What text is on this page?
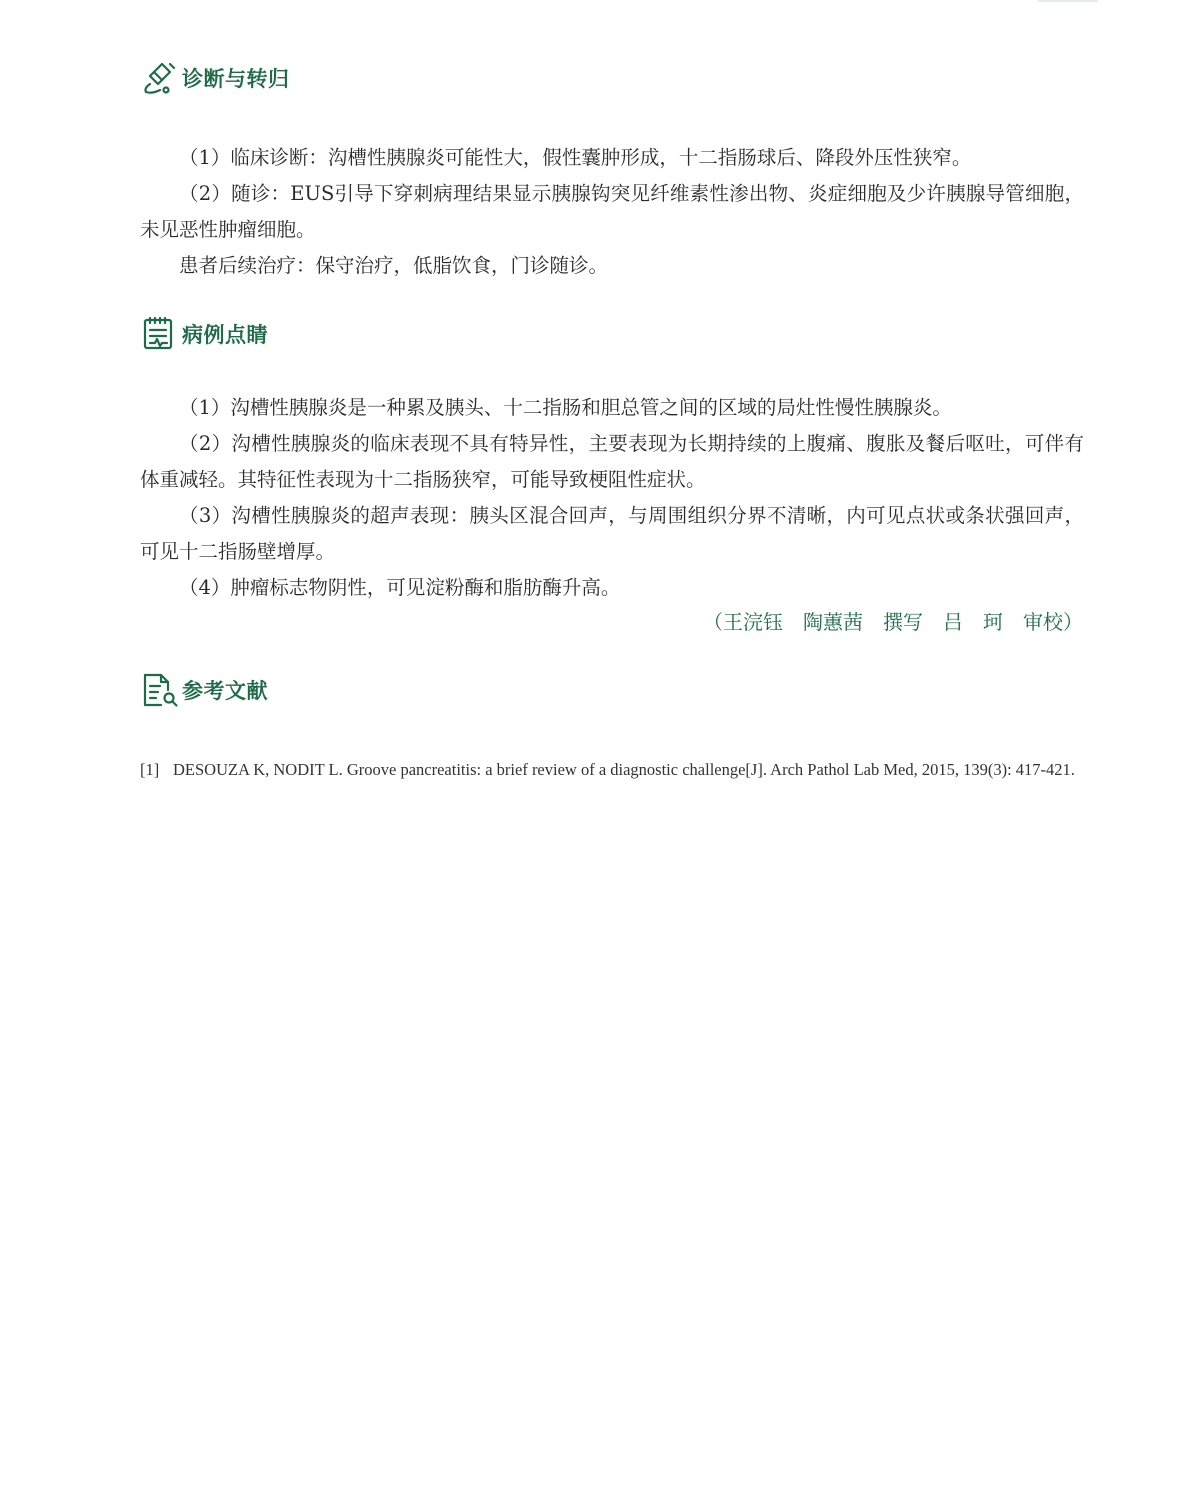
诊断与转归

（1）临床诊断：沟槽性胰腺炎可能性大，假性囊肿形成，十二指肠球后、降段外压性狭窄。

（2）随诊：EUS引导下穿刺病理结果显示胰腺钩突见纤维素性渗出物、炎症细胞及少许胰腺导管细胞，未见恶性肿瘤细胞。

患者后续治疗：保守治疗，低脂饮食，门诊随诊。

病例点睛

（1）沟槽性胰腺炎是一种累及胰头、十二指肠和胆总管之间的区域的局灶性慢性胰腺炎。

（2）沟槽性胰腺炎的临床表现不具有特异性，主要表现为长期持续的上腹痛、腹胀及餐后呕吐，可伴有体重减轻。其特征性表现为十二指肠狭窄，可能导致梗阻性症状。

（3）沟槽性胰腺炎的超声表现：胰头区混合回声，与周围组织分界不清晰，内可见点状或条状强回声，可见十二指肠壁增厚。

（4）肿瘤标志物阴性，可见淀粉酶和脂肪酶升高。

（王浣钰　陶蕙茜　撰写　吕　珂　审校）
参考文献
[1] DESOUZA K, NODIT L. Groove pancreatitis: a brief review of a diagnostic challenge[J]. Arch Pathol Lab Med, 2015, 139(3): 417-421.
